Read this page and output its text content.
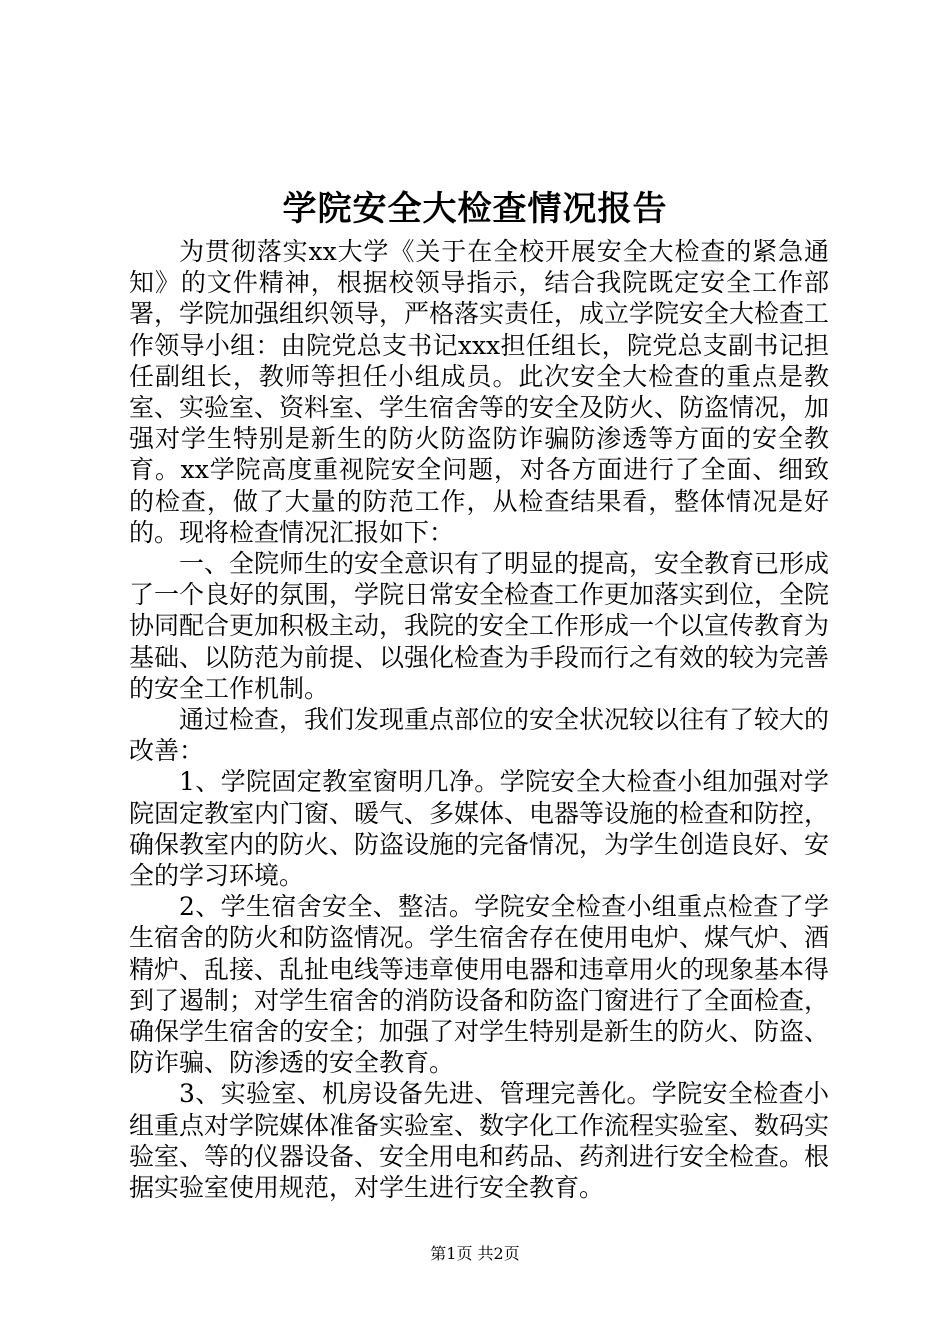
学院安全大检查情况报告

为贯彻落实xx大学《关于在全校开展安全大检查的紧急通知》的文件精神，根据校领导指示，结合我院既定安全工作部署，学院加强组织领导，严格落实责任，成立学院安全大检查工作领导小组：由院党总支书记xxx担任组长，院党总支副书记担任副组长，教师等担任小组成员。此次安全大检查的重点是教室、实验室、资料室、学生宿舍等的安全及防火、防盗情况，加强对学生特别是新生的防火防盗防诈骗防渗透等方面的安全教育。xx学院高度重视院安全问题，对各方面进行了全面、细致的检查，做了大量的防范工作，从检查结果看，整体情况是好的。现将检查情况汇报如下：

一、全院师生的安全意识有了明显的提高，安全教育已形成了一个良好的氛围，学院日常安全检查工作更加落实到位，全院协同配合更加积极主动，我院的安全工作形成一个以宣传教育为基础、以防范为前提、以强化检查为手段而行之有效的较为完善的安全工作机制。

通过检查，我们发现重点部位的安全状况较以往有了较大的改善：

1、学院固定教室窗明几净。学院安全大检查小组加强对学院固定教室内门窗、暖气、多媒体、电器等设施的检查和防控，确保教室内的防火、防盗设施的完备情况，为学生创造良好、安全的学习环境。

2、学生宿舍安全、整洁。学院安全检查小组重点检查了学生宿舍的防火和防盗情况。学生宿舍存在使用电炉、煤气炉、酒精炉、乱接、乱扯电线等违章使用电器和违章用火的现象基本得到了遏制；对学生宿舍的消防设备和防盗门窗进行了全面检查，确保学生宿舍的安全；加强了对学生特别是新生的防火、防盗、防诈骗、防渗透的安全教育。

3、实验室、机房设备先进、管理完善化。学院安全检查小组重点对学院媒体准备实验室、数字化工作流程实验室、数码实验室、等的仪器设备、安全用电和药品、药剂进行安全检查。根据实验室使用规范，对学生进行安全教育。

第1页 共2页
